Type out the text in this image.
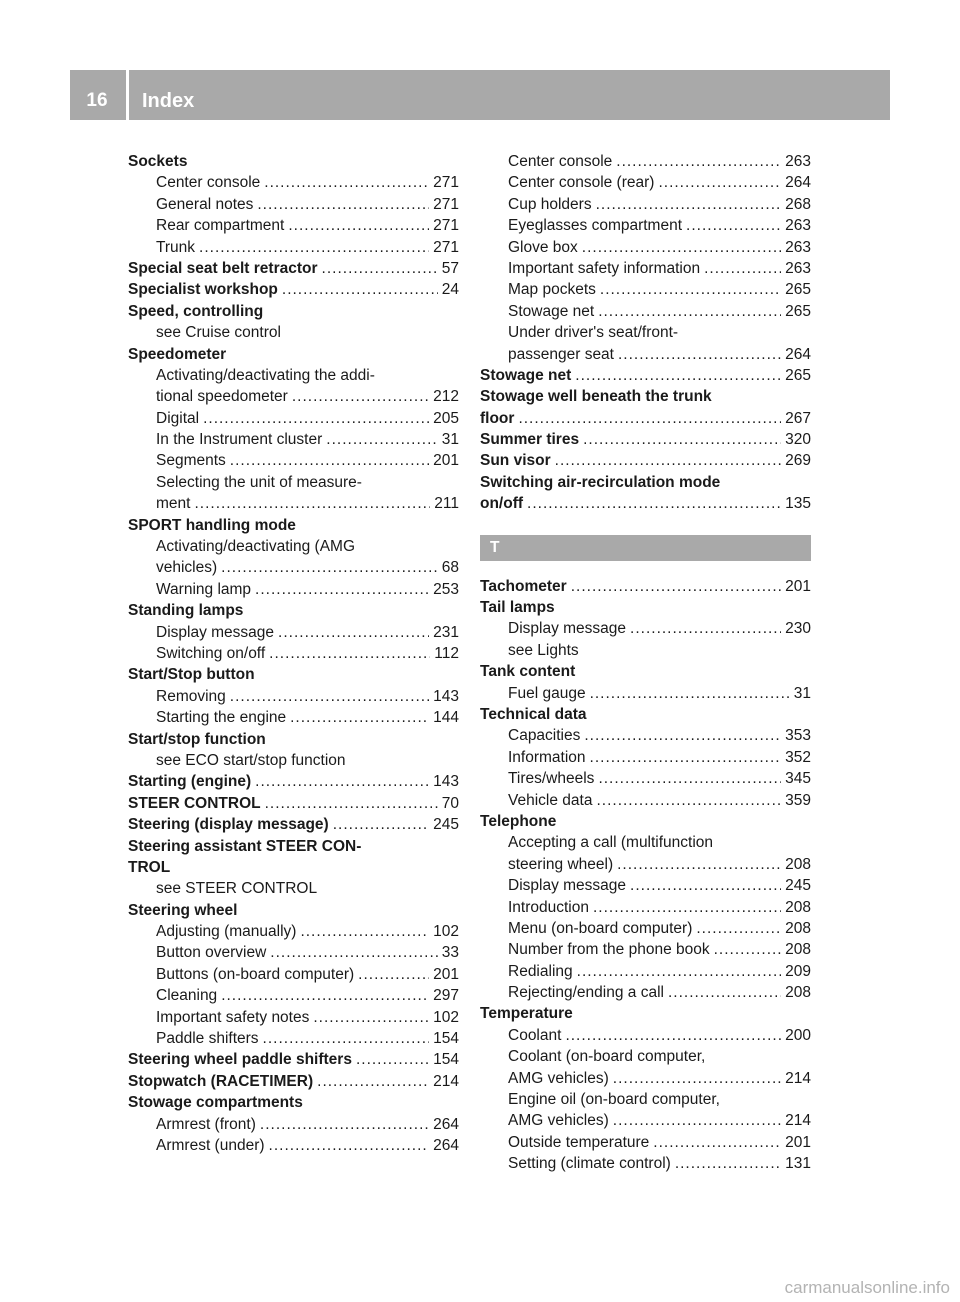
16	Index
Sockets
Center console .....	271
General notes .....	271
Rear compartment .....	271
Trunk .....	271
Special seat belt retractor .....	57
Specialist workshop .....	24
Speed, controlling
see Cruise control
Speedometer
Activating/deactivating the addi-
tional speedometer .....	212
Digital .....	205
In the Instrument cluster .....	31
Segments .....	201
Selecting the unit of measure-
ment .....	211
SPORT handling mode
Activating/deactivating (AMG
vehicles) .....	68
Warning lamp .....	253
Standing lamps
Display message .....	231
Switching on/off .....	112
Start/Stop button
Removing .....	143
Starting the engine .....	144
Start/stop function
see ECO start/stop function
Starting (engine) .....	143
STEER CONTROL .....	70
Steering (display message) .....	245
Steering assistant STEER CON-
TROL
see STEER CONTROL
Steering wheel
Adjusting (manually) .....	102
Button overview .....	33
Buttons (on-board computer) .....	201
Cleaning .....	297
Important safety notes .....	102
Paddle shifters .....	154
Steering wheel paddle shifters .....	154
Stopwatch (RACETIMER) .....	214
Stowage compartments
Armrest (front) .....	264
Armrest (under) .....	264
Center console .....	263
Center console (rear) .....	264
Cup holders .....	268
Eyeglasses compartment .....	263
Glove box .....	263
Important safety information .....	263
Map pockets .....	265
Stowage net .....	265
Under driver's seat/front-
passenger seat .....	264
Stowage net .....	265
Stowage well beneath the trunk
floor .....	267
Summer tires .....	320
Sun visor .....	269
Switching air-recirculation mode
on/off .....	135
T
Tachometer .....	201
Tail lamps
Display message .....	230
see Lights
Tank content
Fuel gauge .....	31
Technical data
Capacities .....	353
Information .....	352
Tires/wheels .....	345
Vehicle data .....	359
Telephone
Accepting a call (multifunction
steering wheel) .....	208
Display message .....	245
Introduction .....	208
Menu (on-board computer) .....	208
Number from the phone book .....	208
Redialing .....	209
Rejecting/ending a call .....	208
Temperature
Coolant .....	200
Coolant (on-board computer,
AMG vehicles) .....	214
Engine oil (on-board computer,
AMG vehicles) .....	214
Outside temperature .....	201
Setting (climate control) .....	131
carmanualsonline.info
